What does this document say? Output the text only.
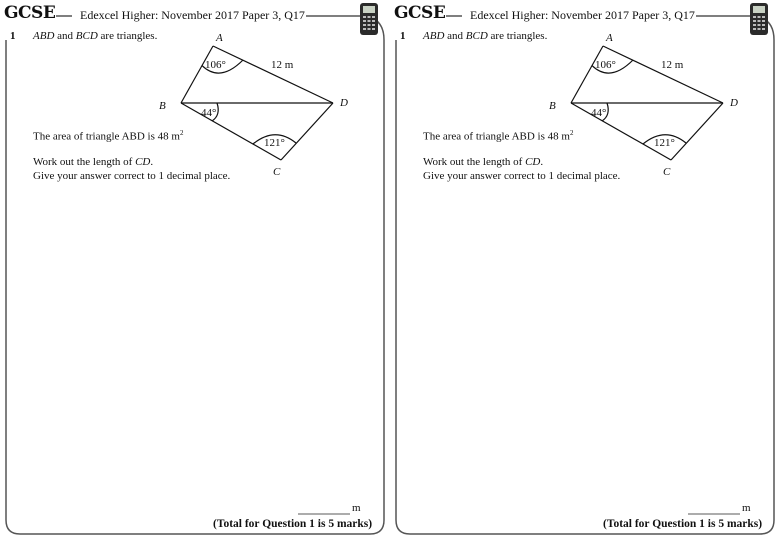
GCSE Edexcel Higher: November 2017 Paper 3, Q17
1 ABD and BCD are triangles.	A
B
C
D
106°
44°
121°
12 m
The area of triangle ABD is 48 $m^2$
Work out the length of CD.
Give your answer correct to 1 decimal place.
m
(Total for Question 1 is 5 marks)
GCSE Edexcel Higher: November 2017 Paper 3, Q17
1 ABD and BCD are triangles.	A
B
C
D
106°
44°
121°
12 m
The area of triangle ABD is 48 $m^2$
Work out the length of CD.
Give your answer correct to 1 decimal place.
m
(Total for Question 1 is 5 marks)
